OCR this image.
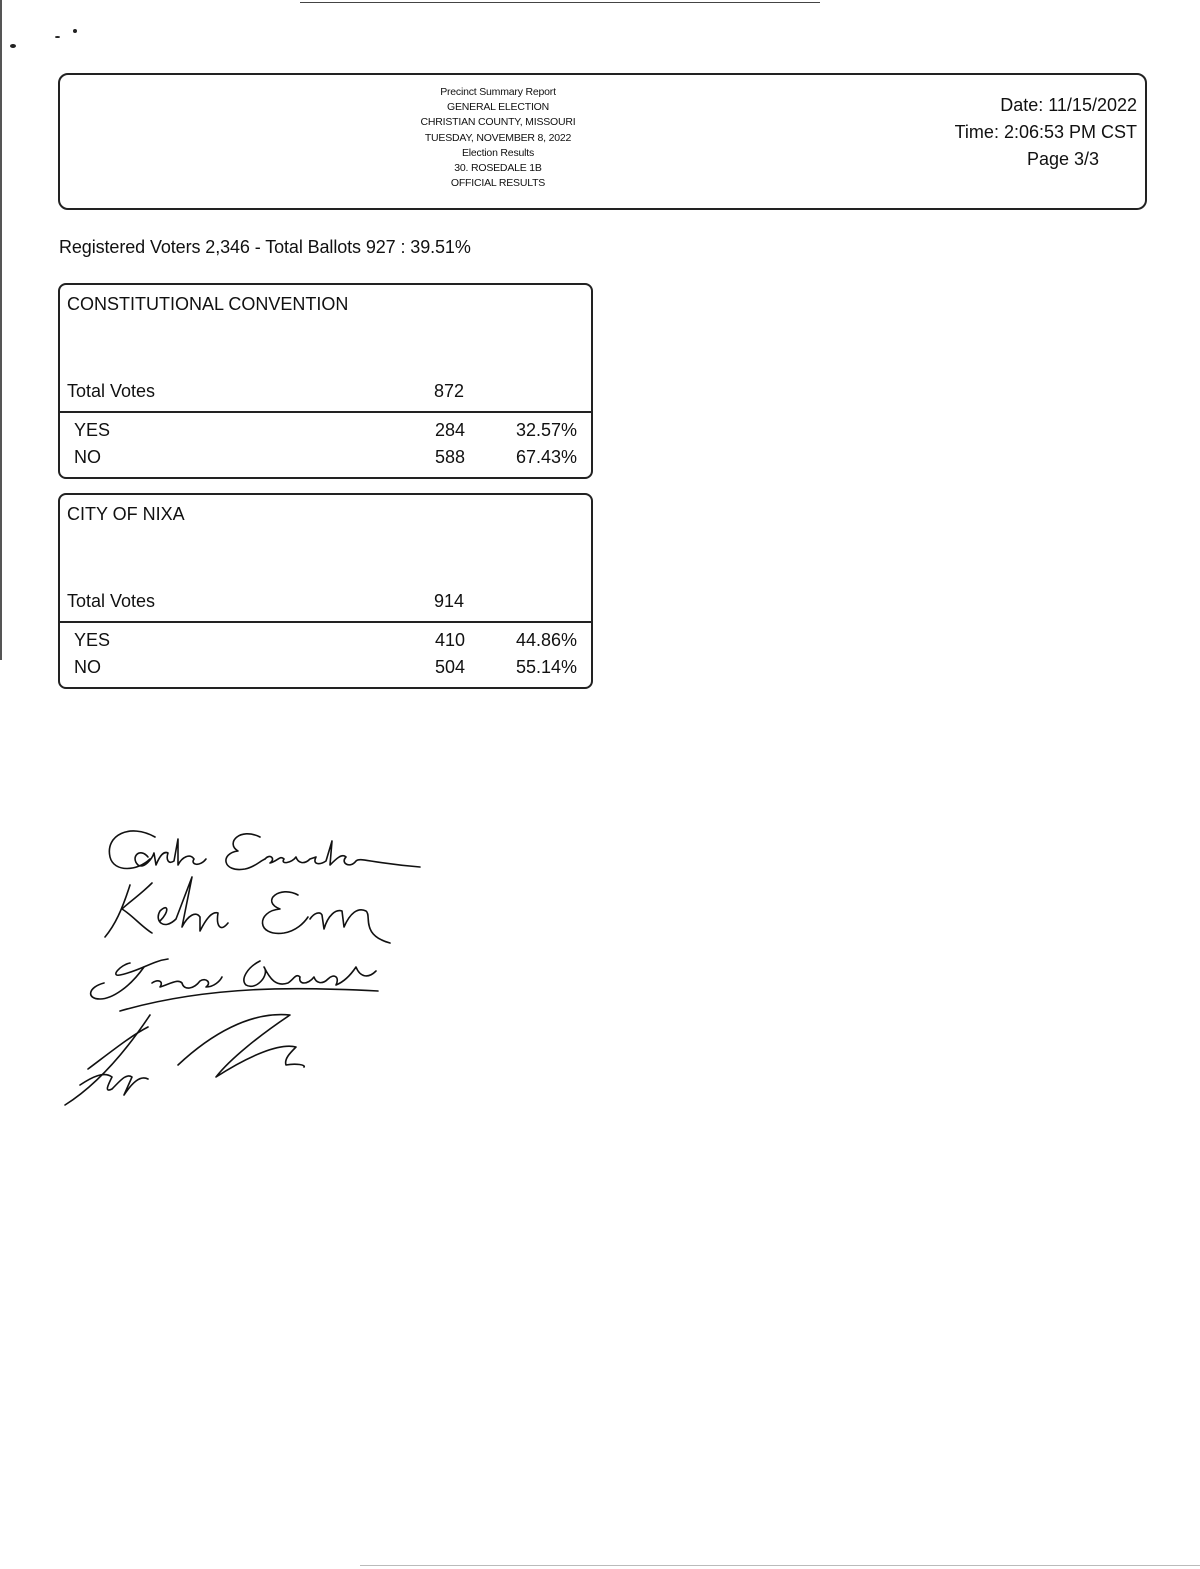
Precinct Summary Report
GENERAL ELECTION
CHRISTIAN COUNTY, MISSOURI
TUESDAY, NOVEMBER 8, 2022
Election Results
30. ROSEDALE 1B
OFFICIAL RESULTS
Date: 11/15/2022
Time: 2:06:53 PM CST
Page 3/3
Registered Voters 2,346 - Total Ballots 927 : 39.51%
CONSTITUTIONAL CONVENTION
Total Votes	872
YES	284	32.57%
NO	588	67.43%
CITY OF NIXA
Total Votes	914
YES	410	44.86%
NO	504	55.14%
